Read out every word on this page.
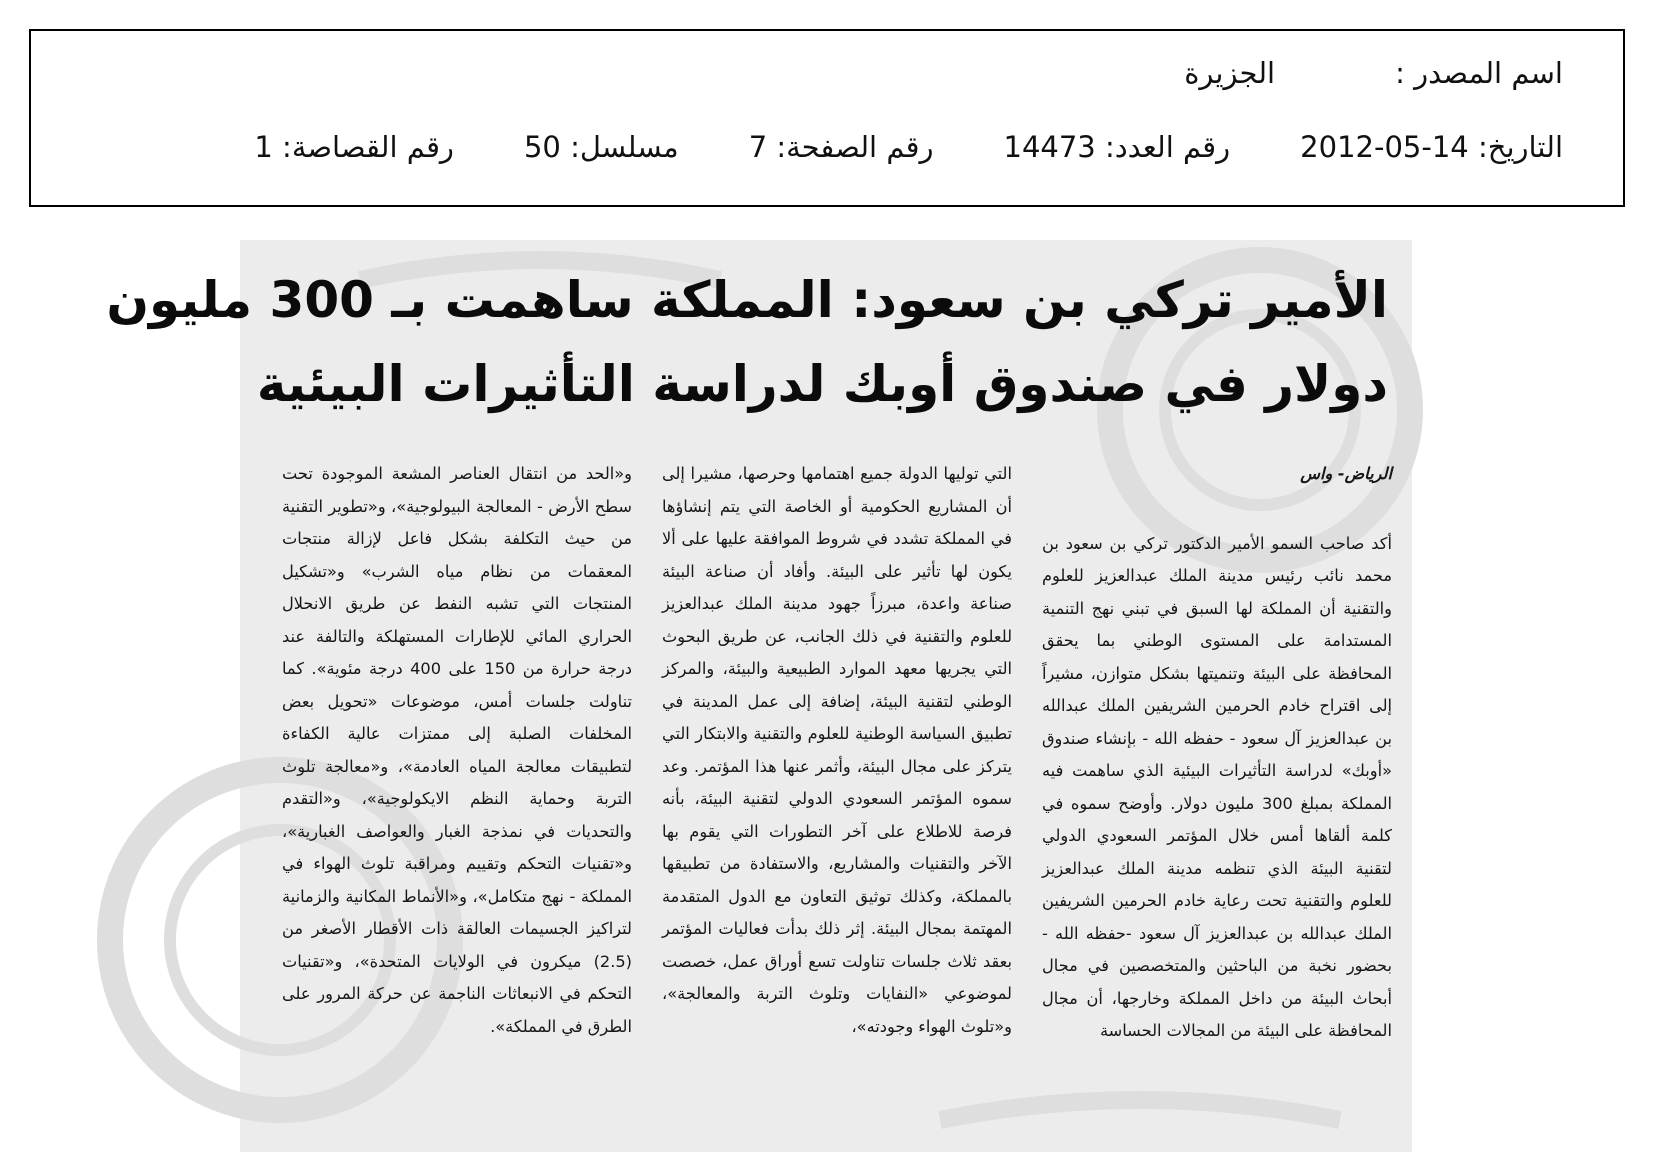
اسم المصدر :الجزيرة
التاريخ: 14-05-2012رقم العدد: 14473رقم الصفحة: 7مسلسل: 50رقم القصاصة: 1
الأمير تركي بن سعود: المملكة ساهمت بـ 300 مليون
دولار في صندوق أوبك لدراسة التأثيرات البيئية

الرياض- واس

أكد صاحب السمو الأمير الدكتور تركي بن سعود بن محمد نائب رئيس مدينة الملك عبدالعزيز للعلوم والتقنية أن المملكة لها السبق في تبني نهج التنمية المستدامة على المستوى الوطني بما يحقق المحافظة على البيئة وتنميتها بشكل متوازن، مشيراً إلى اقتراح خادم الحرمين الشريفين الملك عبدالله بن عبدالعزيز آل سعود - حفظه الله - بإنشاء صندوق «أوبك» لدراسة التأثيرات البيئية الذي ساهمت فيه المملكة بمبلغ 300 مليون دولار. وأوضح سموه في كلمة ألقاها أمس خلال المؤتمر السعودي الدولي لتقنية البيئة الذي تنظمه مدينة الملك عبدالعزيز للعلوم والتقنية تحت رعاية خادم الحرمين الشريفين الملك عبدالله بن عبدالعزيز آل سعود -حفظه الله - بحضور نخبة من الباحثين والمتخصصين في مجال أبحاث البيئة من داخل المملكة وخارجها، أن مجال المحافظة على البيئة من المجالات الحساسة

التي توليها الدولة جميع اهتمامها وحرصها، مشيرا إلى أن المشاريع الحكومية أو الخاصة التي يتم إنشاؤها في المملكة تشدد في شروط الموافقة عليها على ألا يكون لها تأثير على البيئة. وأفاد أن صناعة البيئة صناعة واعدة، مبرزاً جهود مدينة الملك عبدالعزيز للعلوم والتقنية في ذلك الجانب، عن طريق البحوث التي يجريها معهد الموارد الطبيعية والبيئة، والمركز الوطني لتقنية البيئة، إضافة إلى عمل المدينة في تطبيق السياسة الوطنية للعلوم والتقنية والابتكار التي يتركز على مجال البيئة، وأثمر عنها هذا المؤتمر. وعد سموه المؤتمر السعودي الدولي لتقنية البيئة، بأنه فرصة للاطلاع على آخر التطورات التي يقوم بها الآخر والتقنيات والمشاريع، والاستفادة من تطبيقها بالمملكة، وكذلك توثيق التعاون مع الدول المتقدمة المهتمة بمجال البيئة. إثر ذلك بدأت فعاليات المؤتمر بعقد ثلاث جلسات تناولت تسع أوراق عمل، خصصت لموضوعي «النفايات وتلوث التربة والمعالجة»، و«تلوث الهواء وجودته»،

و«الحد من انتقال العناصر المشعة الموجودة تحت سطح الأرض - المعالجة البيولوجية»، و«تطوير التقنية من حيث التكلفة بشكل فاعل لإزالة منتجات المعقمات من نظام مياه الشرب» و«تشكيل المنتجات التي تشبه النفط عن طريق الانحلال الحراري المائي للإطارات المستهلكة والتالفة عند درجة حرارة من 150 على 400 درجة مئوية». كما تناولت جلسات أمس، موضوعات «تحويل بعض المخلفات الصلبة إلى ممتزات عالية الكفاءة لتطبيقات معالجة المياه العادمة»، و«معالجة تلوث التربة وحماية النظم الايكولوجية»، و«التقدم والتحديات في نمذجة الغبار والعواصف الغبارية»، و«تقنيات التحكم وتقييم ومراقبة تلوث الهواء في المملكة - نهج متكامل»، و«الأنماط المكانية والزمانية لتراكيز الجسيمات العالقة ذات الأقطار الأصغر من (2.5) ميكرون في الولايات المتحدة»، و«تقنيات التحكم في الانبعاثات الناجمة عن حركة المرور على الطرق في المملكة».
